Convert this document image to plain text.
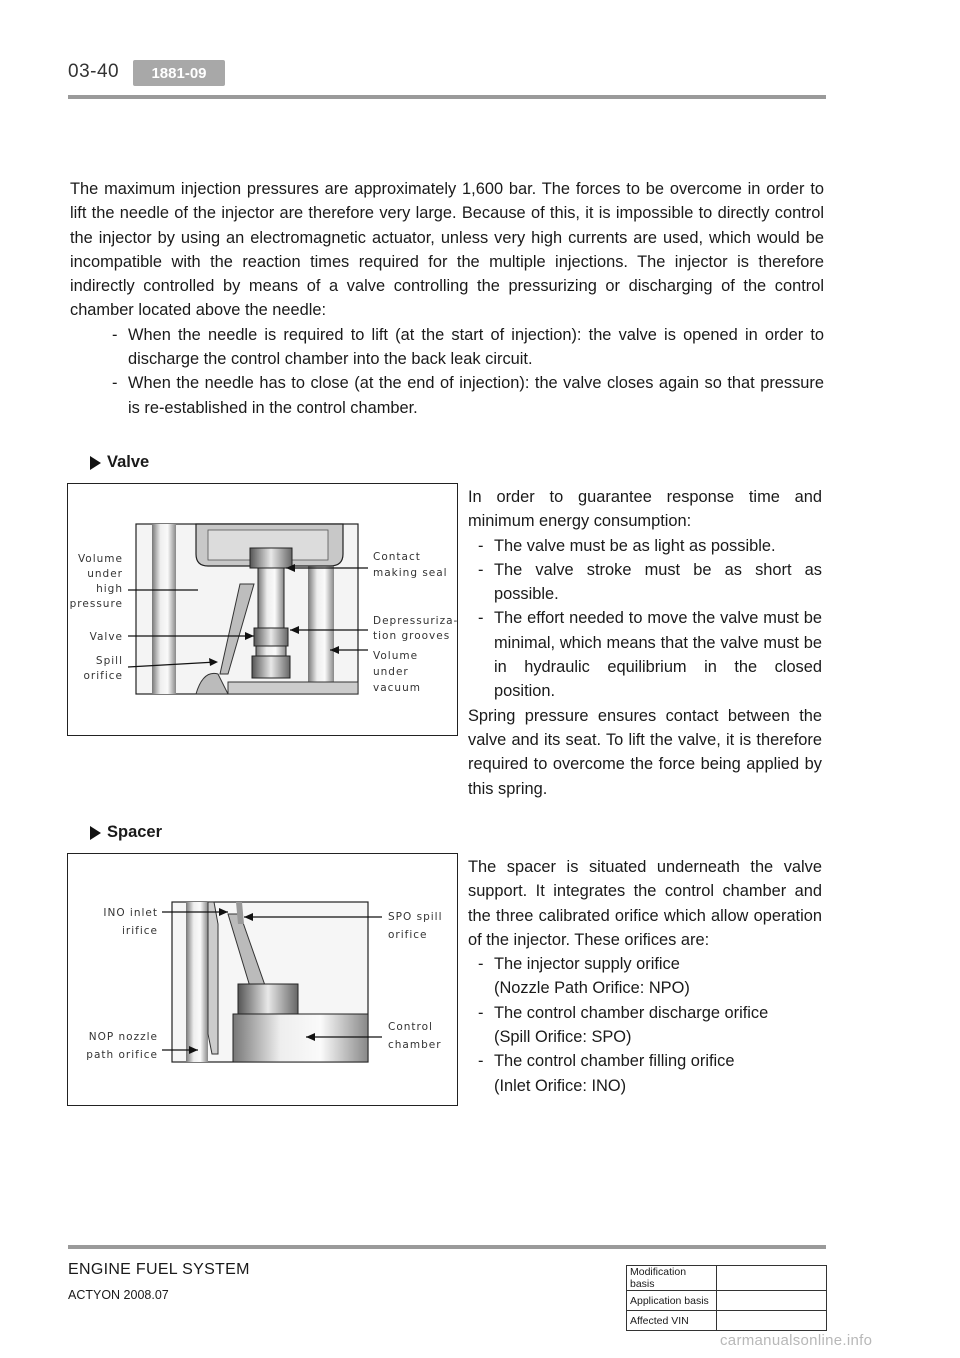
03-40	1881-09
The maximum injection pressures are approximately 1,600 bar. The forces to be overcome in order to lift the needle of the injector are therefore very large. Because of this, it is impossible to directly control the injector by using an electromagnetic actuator, unless very high currents are used, which would be incompatible with the reaction times required for the multiple injections. The injector is therefore indirectly controlled by means of a valve controlling the pressurizing or discharging of the control chamber located above the needle:
- When the needle is required to lift (at the start of injection): the valve is opened in order to discharge the control chamber into the back leak circuit.
- When the needle has to close (at the end of injection): the valve closes again so that pressure is re-established in the control chamber.
Valve
Volume
under
high
pressure
Valve
Spill
orifice
Contact
making seal
Depressuriza-
tion grooves
Volume
under
vacuum
In order to guarantee response time and minimum energy consumption:
- The valve must be as light as possible.
- The valve stroke must be as short as possible.
- The effort needed to move the valve must be minimal, which means that the valve must be in hydraulic equilibrium in the closed position.
Spring pressure ensures contact between the valve and its seat. To lift the valve, it is therefore required to overcome the force being applied by this spring.
Spacer
INO inlet
irifice
NOP nozzle
path orifice
SPO spill
orifice
Control
chamber
The spacer is situated underneath the valve support. It integrates the control chamber and the three calibrated orifice which allow operation of the injector. These orifices are:
- The injector supply orifice
(Nozzle Path Orifice: NPO)
- The control chamber discharge orifice
(Spill Orifice: SPO)
- The control chamber filling orifice
(Inlet Orifice: INO)
ENGINE FUEL SYSTEM
ACTYON 2008.07
Modification basis	
Application basis	
Affected VIN	
carmanualsonline.info
